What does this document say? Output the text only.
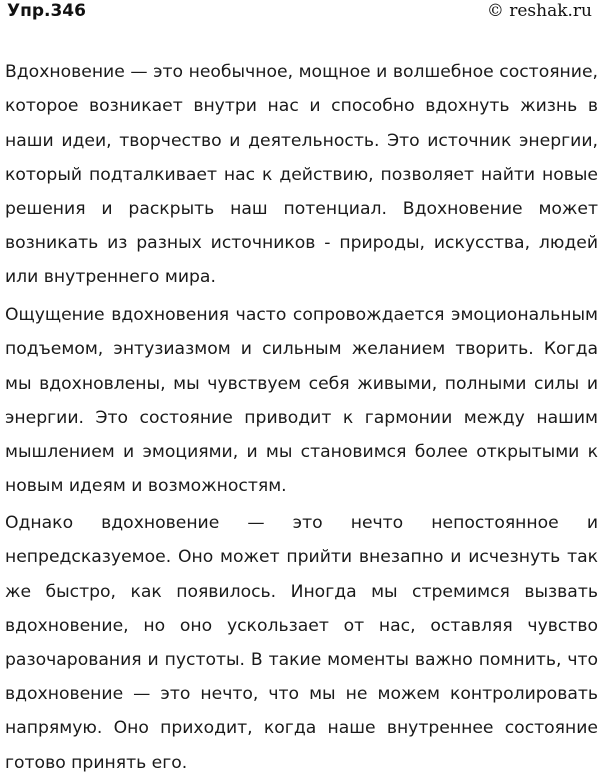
Упр.346	© reshak.ru

Вдохновение — это необычное, мощное и волшебное состояние, которое возникает внутри нас и способно вдохнуть жизнь в наши идеи, творчество и деятельность. Это источник энергии, который подталкивает нас к действию, позволяет найти новые решения и раскрыть наш потенциал. Вдохновение может возникать из разных источников - природы, искусства, людей или внутреннего мира.

Ощущение вдохновения часто сопровождается эмоциональным подъемом, энтузиазмом и сильным желанием творить. Когда мы вдохновлены, мы чувствуем себя живыми, полными силы и энергии. Это состояние приводит к гармонии между нашим мышлением и эмоциями, и мы становимся более открытыми к новым идеям и возможностям.

Однако вдохновение — это нечто непостоянное и непредсказуемое. Оно может прийти внезапно и исчезнуть так же быстро, как появилось. Иногда мы стремимся вызвать вдохновение, но оно ускользает от нас, оставляя чувство разочарования и пустоты. В такие моменты важно помнить, что вдохновение — это нечто, что мы не можем контролировать напрямую. Оно приходит, когда наше внутреннее состояние готово принять его.
